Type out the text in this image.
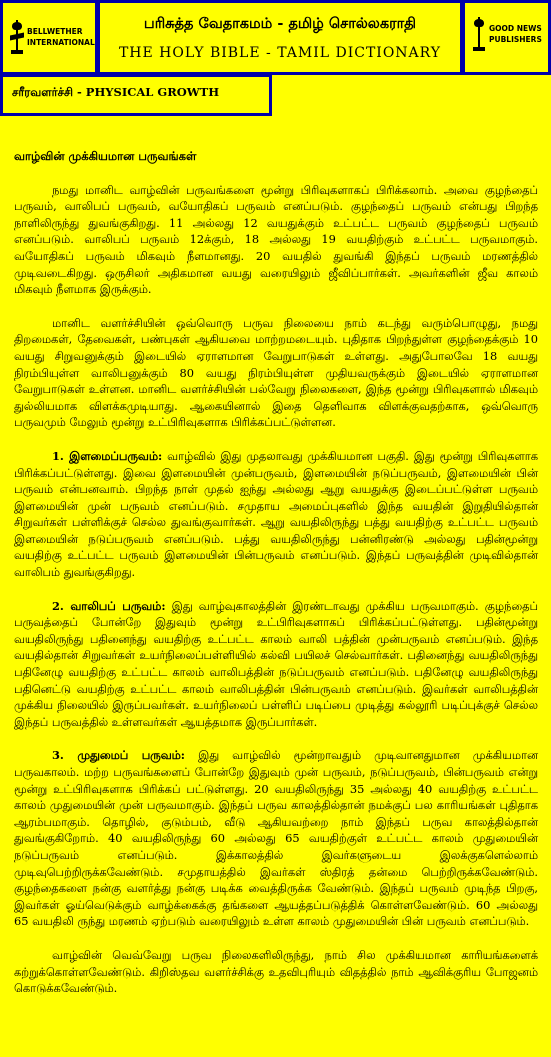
BELLWETHER
INTERNATIONAL
பரிசுத்த வேதாகமம் - தமிழ் சொல்லகராதி
THE HOLY BIBLE - TAMIL DICTIONARY
GOOD NEWS
PUBLISHERS
சரீரவளர்ச்சி - PHYSICAL GROWTH
வாழ்வின் முக்கியமான பருவங்கள்

நமது மானிட வாழ்வின் பருவங்களை மூன்று பிரிவுகளாகப் பிரிக்கலாம். அவை குழந்தைப் பருவம், வாலிபப் பருவம், வயோதிகப் பருவம் எனப்படும். குழந்தைப் பருவம் என்பது பிறந்த நாளிலிருந்து துவங்குகிறது. 11 அல்லது 12 வயதுக்கும் உட்பட்ட பருவம் குழந்தைப் பருவம் எனப்படும். வாலிபப் பருவம் 12க்கும், 18 அல்லது 19 வயதிற்கும் உட்பட்ட பருவமாகும். வயோதிகப் பருவம் மிகவும் நீளமானது. 20 வயதில் துவங்கி இந்தப் பருவம் மரணத்தில் முடிவடைகிறது. ஒருசிலர் அதிகமான வயது வரையிலும் ஜீவிப்பார்கள். அவர்களின் ஜீவ காலம் மிகவும் நீளமாக இருக்கும்.

மானிட வளர்ச்சியின் ஒவ்வொரு பருவ நிலையை நாம் கடந்து வரும்பொழுது, நமது திறமைகள், தேவைகள், பண்புகள் ஆகியவை மாற்றமடையும். புதிதாக பிறந்துள்ள குழந்தைக்கும் 10 வயது சிறுவனுக்கும் இடையில் ஏராளமான வேறுபாடுகள் உள்ளது. அதுபோலவே 18 வயது நிரம்பியுள்ள வாலிபனுக்கும் 80 வயது நிரம்பியுள்ள முதியவருக்கும் இடையில் ஏராளமான வேறுபாடுகள் உள்ளன. மானிட வளர்ச்சியின் பல்வேறு நிலைகளை, இந்த மூன்று பிரிவுகளால் மிகவும் துல்லியமாக விளக்கமுடியாது. ஆகையினால் இதை தெளிவாக விளக்குவதற்காக, ஒவ்வொரு பருவமும் மேலும் மூன்று உட்பிரிவுகளாக பிரிக்கப்பட்டுள்ளன.

1. இளமைப்பருவம்: வாழ்வில் இது முதலாவது முக்கியமான பகுதி. இது மூன்று பிரிவுகளாக பிரிக்கப்பட்டுள்ளது. இவை இளமையின் முன்பருவம், இளமையின் நடுப்பருவம், இளமையின் பின் பருவம் என்பனவாம். பிறந்த நாள் முதல் ஐந்து அல்லது ஆறு வயதுக்கு இடைப்பட்டுள்ள பருவம் இளமையின் முன் பருவம் எனப்படும். சமுதாய அமைப்புகளில் இந்த வயதின் இறுதியில்தான் சிறுவர்கள் பள்ளிக்குச் செல்ல துவங்குவார்கள். ஆறு வயதிலிருந்து பத்து வயதிற்கு உட்பட்ட பருவம் இளமையின் நடுப்பருவம் எனப்படும். பத்து வயதிலிருந்து பன்னிரண்டு அல்லது பதின்மூன்று வயதிற்கு உட்பட்ட பருவம் இளமையின் பின்பருவம் எனப்படும். இந்தப் பருவத்தின் முடிவில்தான் வாலிபம் துவங்குகிறது.

2. வாலிபப் பருவம்: இது வாழ்வுகாலத்தின் இரண்டாவது முக்கிய பருவமாகும். குழந்தைப் பருவத்தைப் போன்றே இதுவும் மூன்று உட்பிரிவுகளாகப் பிரிக்கப்பட்டுள்ளது. பதின்மூன்று வயதிலிருந்து பதினைந்து வயதிற்கு உட்பட்ட காலம் வாலி பத்தின் முன்பருவம் எனப்படும். இந்த வயதில்தான் சிறுவர்கள் உயர்நிலைப்பள்ளியில் கல்வி பயிலச் செல்வார்கள். பதினைந்து வயதிலிருந்து பதினேழு வயதிற்கு உட்பட்ட காலம் வாலிபத்தின் நடுப்பருவம் எனப்படும். பதினேழு வயதிலிருந்து பதினெட்டு வயதிற்கு உட்பட்ட காலம் வாலிபத்தின் பின்பருவம் எனப்படும். இவர்கள் வாலிபத்தின் முக்கிய நிலையில் இருப்பவர்கள். உயர்நிலைப் பள்ளிப் படிப்பை முடித்து கல்லூரி படிப்புக்குச் செல்ல இந்தப் பருவத்தில் உள்ளவர்கள் ஆயத்தமாக இருப்பார்கள்.

3. முதுமைப் பருவம்: இது வாழ்வில் மூன்றாவதும் முடிவானதுமான முக்கியமான பருவகாலம். மற்ற பருவங்களைப் போன்றே இதுவும் முன் பருவம், நடுப்பருவம், பின்பருவம் என்று மூன்று உட்பிரிவுகளாக பிரிக்கப் பட்டுள்ளது. 20 வயதிலிருந்து 35 அல்லது 40 வயதிற்கு உட்பட்ட காலம் முதுமையின் முன் பருவமாகும். இந்தப் பருவ காலத்தில்தான் நமக்குப் பல காரியங்கள் புதிதாக ஆரம்பமாகும். தொழில், குடும்பம், வீடு ஆகியவற்றை நாம் இந்தப் பருவ காலத்தில்தான் துவங்குகிறோம். 40 வயதிலிருந்து 60 அல்லது 65 வயதிற்குள் உட்பட்ட காலம் முதுமையின் நடுப்பருவம் எனப்படும். இக்காலத்தில் இவர்களுடைய இலக்குகளெல்லாம் முடிவுபெற்றிருக்கவேண்டும். சமுதாயத்தில் இவர்கள் ஸ்திரத் தன்மை பெற்றிருக்கவேண்டும். குழந்தைகளை நன்கு வளர்த்து நன்கு படிக்க வைத்திருக்க வேண்டும். இந்தப் பருவம் முடிந்த பிறகு, இவர்கள் ஓய்வெடுக்கும் வாழ்க்கைக்கு தங்களை ஆயத்தப்படுத்திக் கொள்ளவேண்டும். 60 அல்லது 65 வயதிலி ருந்து மரணம் ஏற்படும் வரையிலும் உள்ள காலம் முதுமையின் பின் பருவம் எனப்படும்.

வாழ்வின் வெவ்வேறு பருவ நிலைகளிலிருந்து, நாம் சில முக்கியமான காரியங்களைக் கற்றுக்கொள்ளவேண்டும். கிறிஸ்தவ வளர்ச்சிக்கு உதவிபுரியும் விதத்தில் நாம் ஆவிக்குரிய போஜனம் கொடுக்கவேண்டும்.
